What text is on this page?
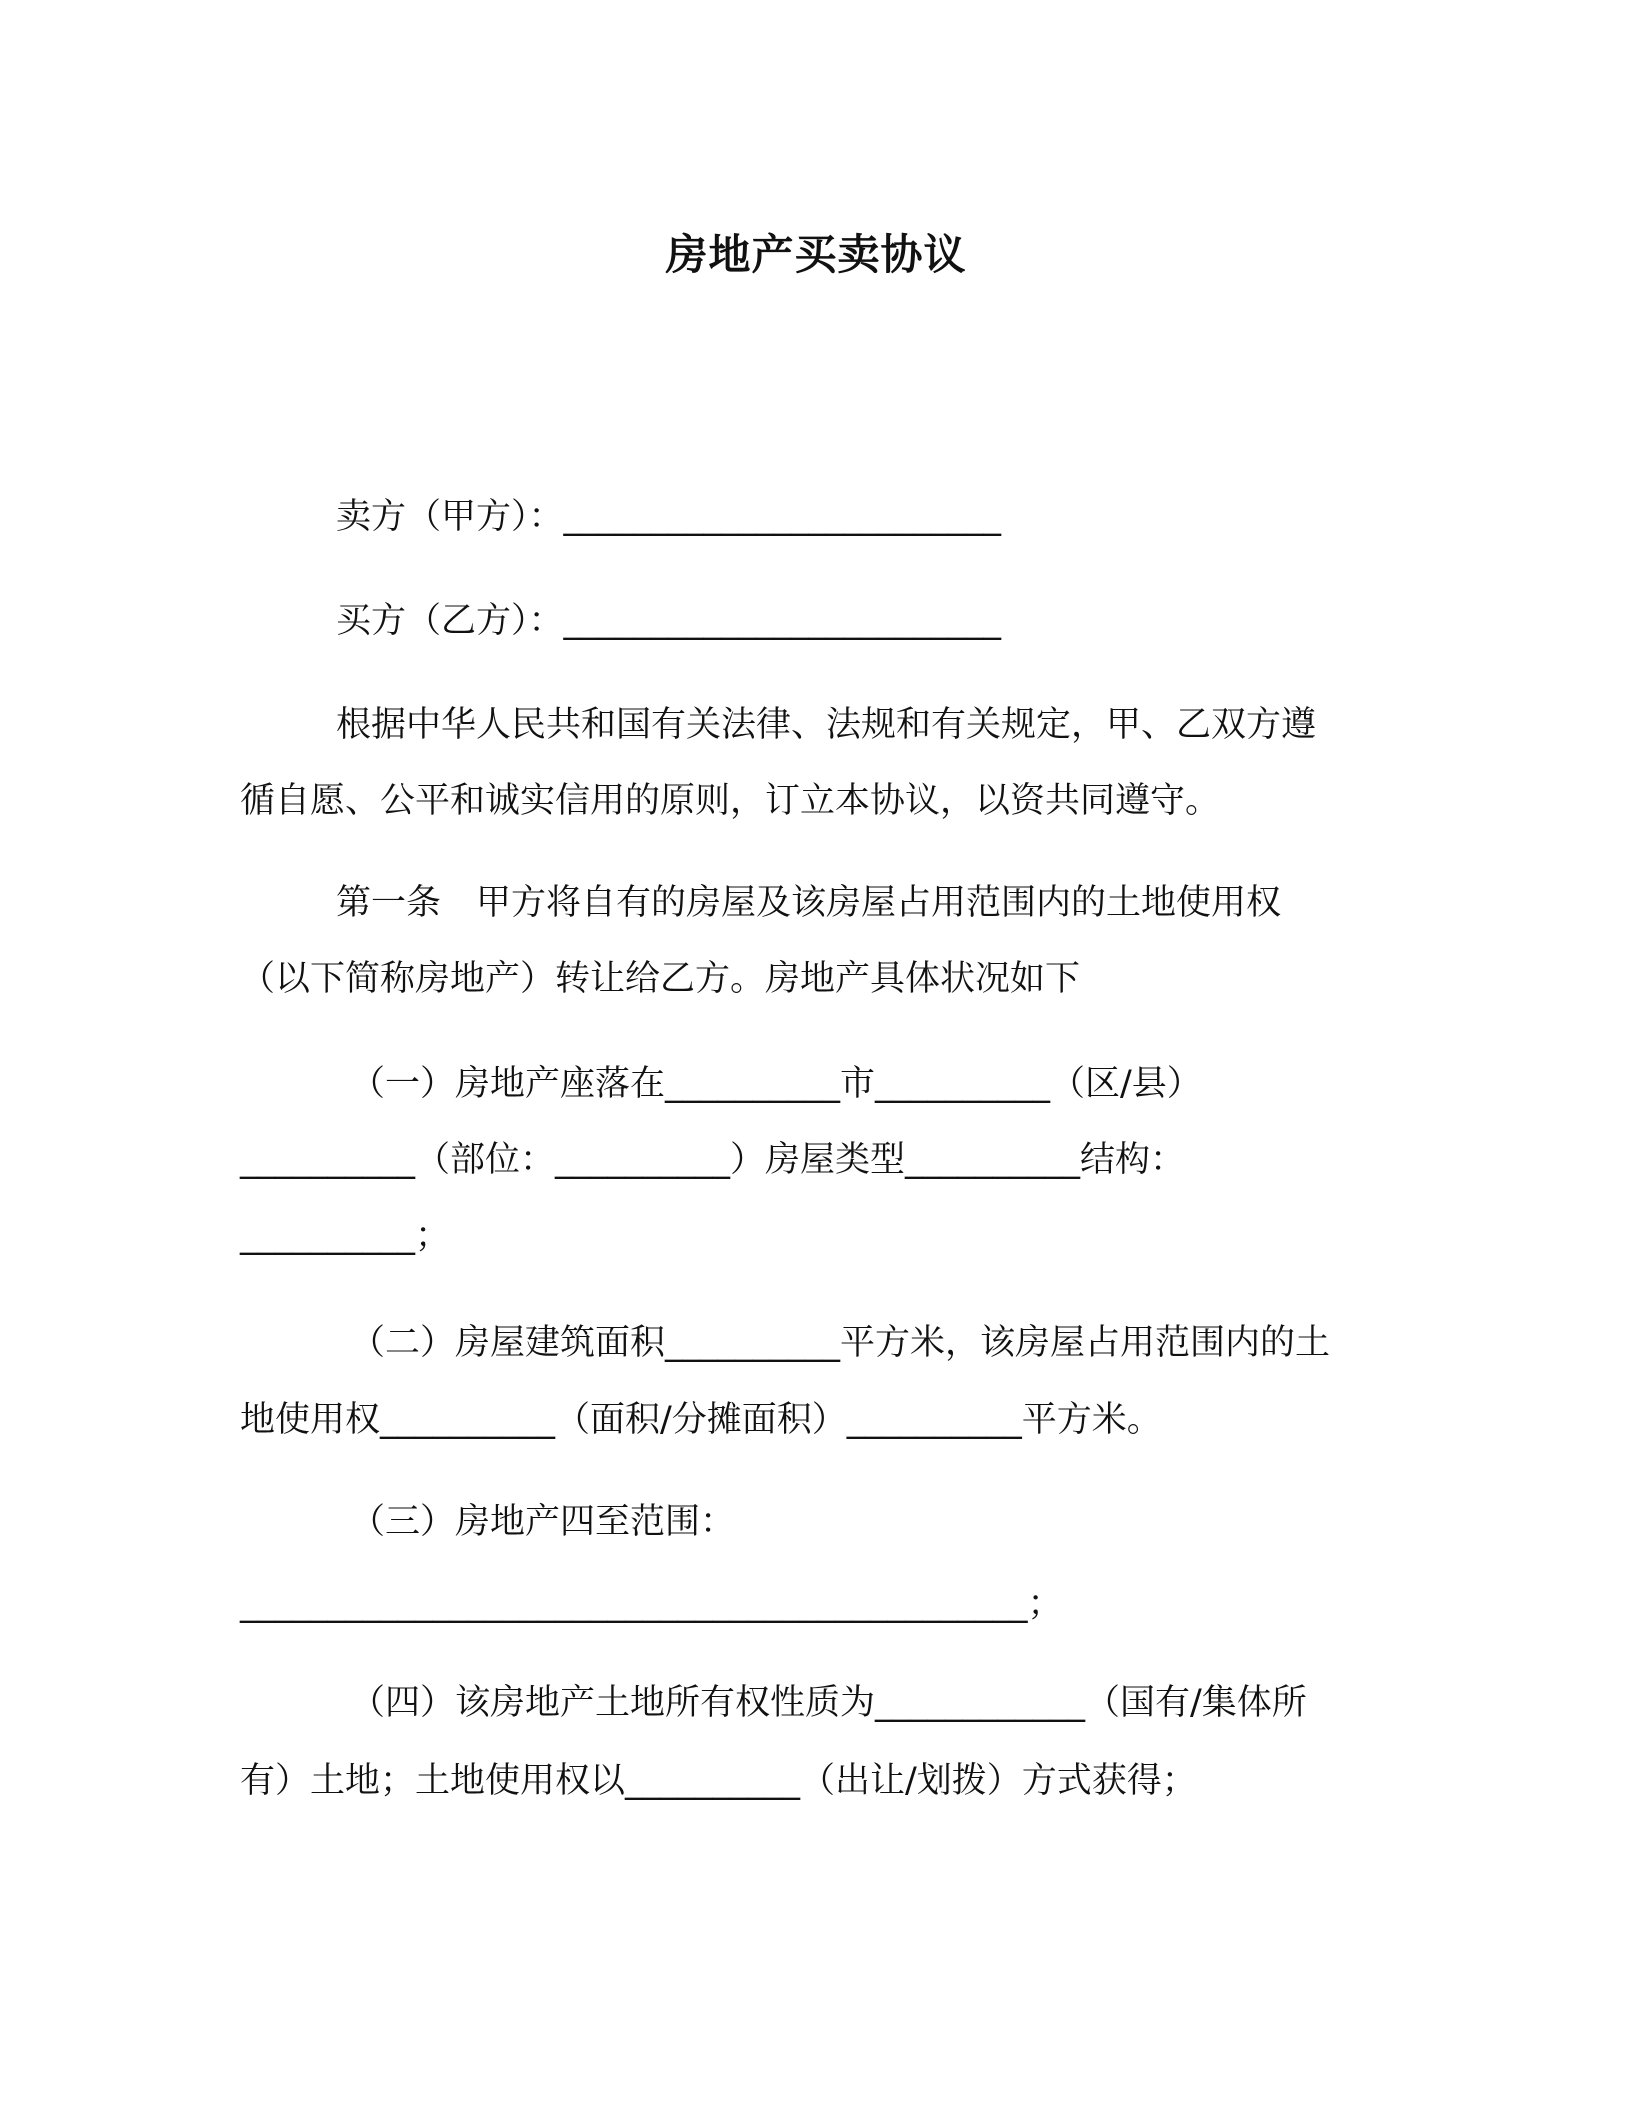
房地产买卖协议
卖方（甲方）：_________________________
买方（乙方）：_________________________
根据中华人民共和国有关法律、法规和有关规定，甲、乙双方遵
循自愿、公平和诚实信用的原则，订立本协议，以资共同遵守。
第一条　甲方将自有的房屋及该房屋占用范围内的土地使用权
（以下简称房地产）转让给乙方。房地产具体状况如下
（一）房地产座落在__________市__________（区/县）
__________（部位：__________）房屋类型__________结构：
__________；
（二）房屋建筑面积__________平方米，该房屋占用范围内的土
地使用权__________（面积/分摊面积）__________平方米。
（三）房地产四至范围：
_____________________________________________；
（四）该房地产土地所有权性质为____________（国有/集体所
有）土地；土地使用权以__________（出让/划拨）方式获得；
